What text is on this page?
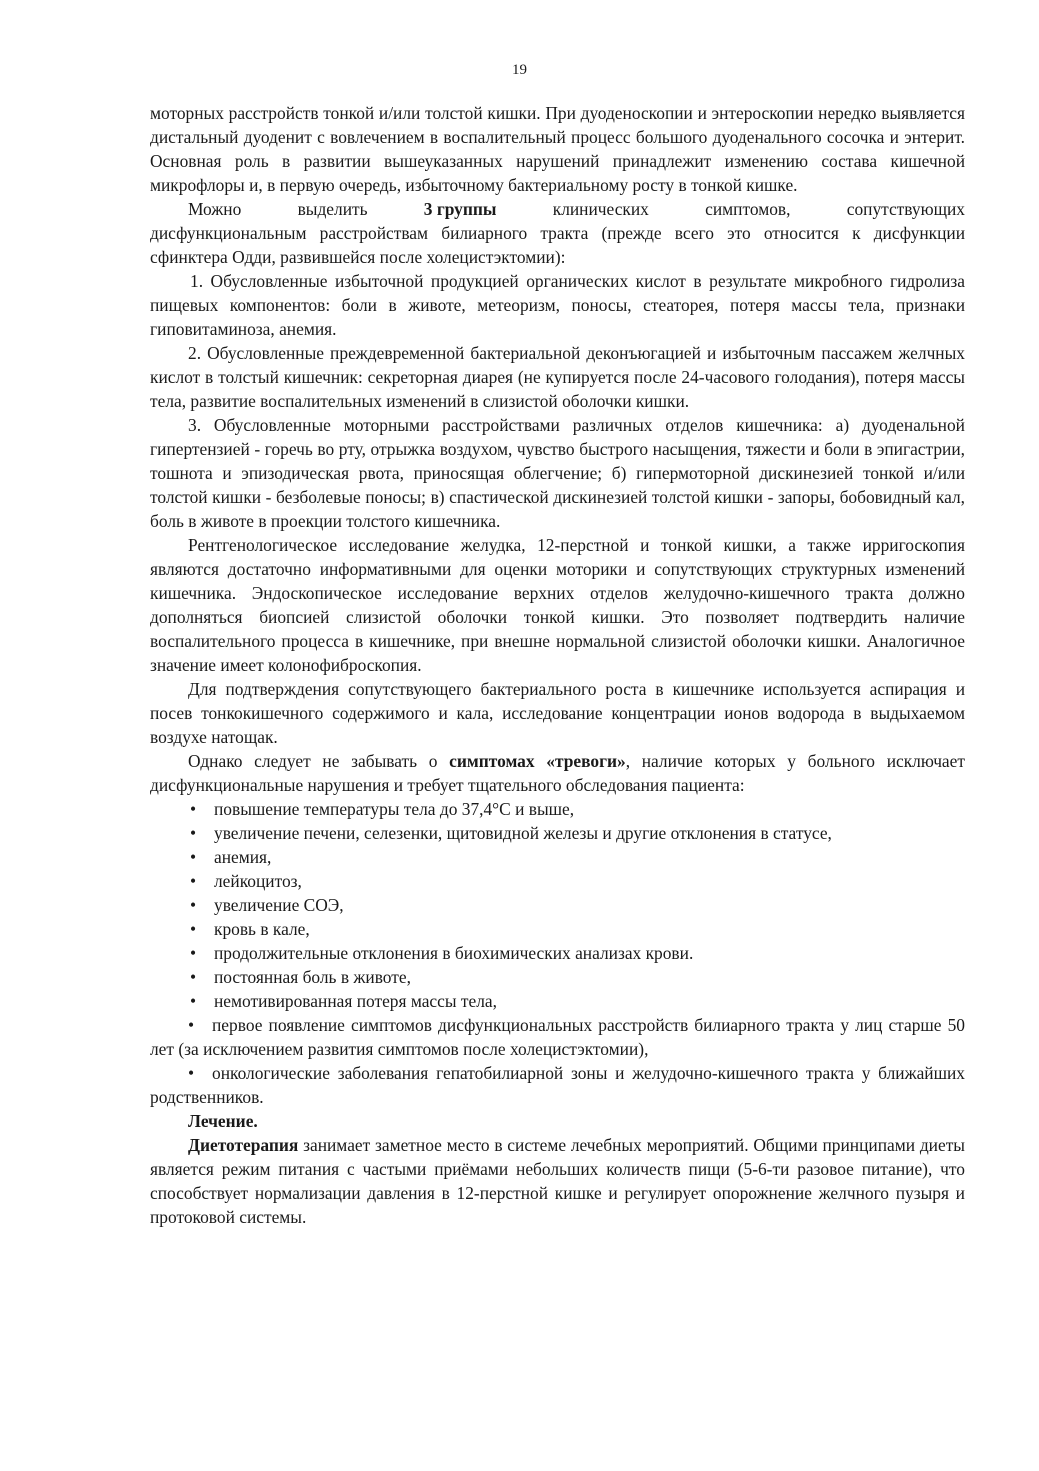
19

моторных расстройств тонкой и/или толстой кишки. При дуоденоскопии и энтероскопии нередко выявляется дистальный дуоденит с вовлечением в воспалительный процесс большого дуоденального сосочка и энтерит. Основная роль в развитии вышеуказанных нарушений принадлежит изменению состава кишечной микрофлоры и, в первую очередь, избыточному бактериальному росту в тонкой кишке.

Можно	выделить	3 группы	клинических	симптомов,	сопутствующих

дисфункциональным расстройствам билиарного тракта (прежде всего это относится к дисфункции сфинктера Одди, развившейся после холецистэктомии):

1. Обусловленные избыточной продукцией органических кислот в результате микробного гидролиза пищевых компонентов: боли в животе, метеоризм, поносы, стеаторея, потеря массы тела, признаки гиповитаминоза, анемия.

2. Обусловленные преждевременной бактериальной деконъюгацией и избыточным пассажем желчных кислот в толстый кишечник: секреторная диарея (не купируется после 24-часового голодания), потеря массы тела, развитие воспалительных изменений в слизистой оболочки кишки.

3. Обусловленные моторными расстройствами различных отделов кишечника: а) дуоденальной гипертензией - горечь во рту, отрыжка воздухом, чувство быстрого насыщения, тяжести и боли в эпигастрии, тошнота и эпизодическая рвота, приносящая облегчение; б) гипермоторной дискинезией тонкой и/или толстой кишки - безболевые поносы; в) спастической дискинезией толстой кишки - запоры, бобовидный кал, боль в животе в проекции толстого кишечника.

Рентгенологическое исследование желудка, 12-перстной и тонкой кишки, а также ирригоскопия являются достаточно информативными для оценки моторики и сопутствующих структурных изменений кишечника. Эндоскопическое исследование верхних отделов желудочно-кишечного тракта должно дополняться биопсией слизистой оболочки тонкой кишки. Это позволяет подтвердить наличие воспалительного процесса в кишечнике, при внешне нормальной слизистой оболочки кишки. Аналогичное значение имеет колонофиброскопия.

Для подтверждения сопутствующего бактериального роста в кишечнике используется аспирация и посев тонкокишечного содержимого и кала, исследование концентрации ионов водорода в выдыхаемом воздухе натощак.

Однако следует не забывать о симптомах «тревоги», наличие которых у больного исключает дисфункциональные нарушения и требует тщательного обследования пациента:

• повышение температуры тела до 37,4°С и выше,
• увеличение печени, селезенки, щитовидной железы и другие отклонения в статусе,
• анемия,
• лейкоцитоз,
• увеличение СОЭ,
• кровь в кале,
• продолжительные отклонения в биохимических анализах крови.
• постоянная боль в животе,
• немотивированная потеря массы тела,
• первое появление симптомов дисфункциональных расстройств билиарного тракта у лиц старше 50 лет (за исключением развития симптомов после холецистэктомии),
• онкологические заболевания гепатобилиарной зоны и желудочно-кишечного тракта у ближайших родственников.

Лечение.

Диетотерапия занимает заметное место в системе лечебных мероприятий. Общими принципами диеты является режим питания с частыми приёмами небольших количеств пищи (5-6-ти разовое питание), что способствует нормализации давления в 12-перстной кишке и регулирует опорожнение желчного пузыря и протоковой системы.
